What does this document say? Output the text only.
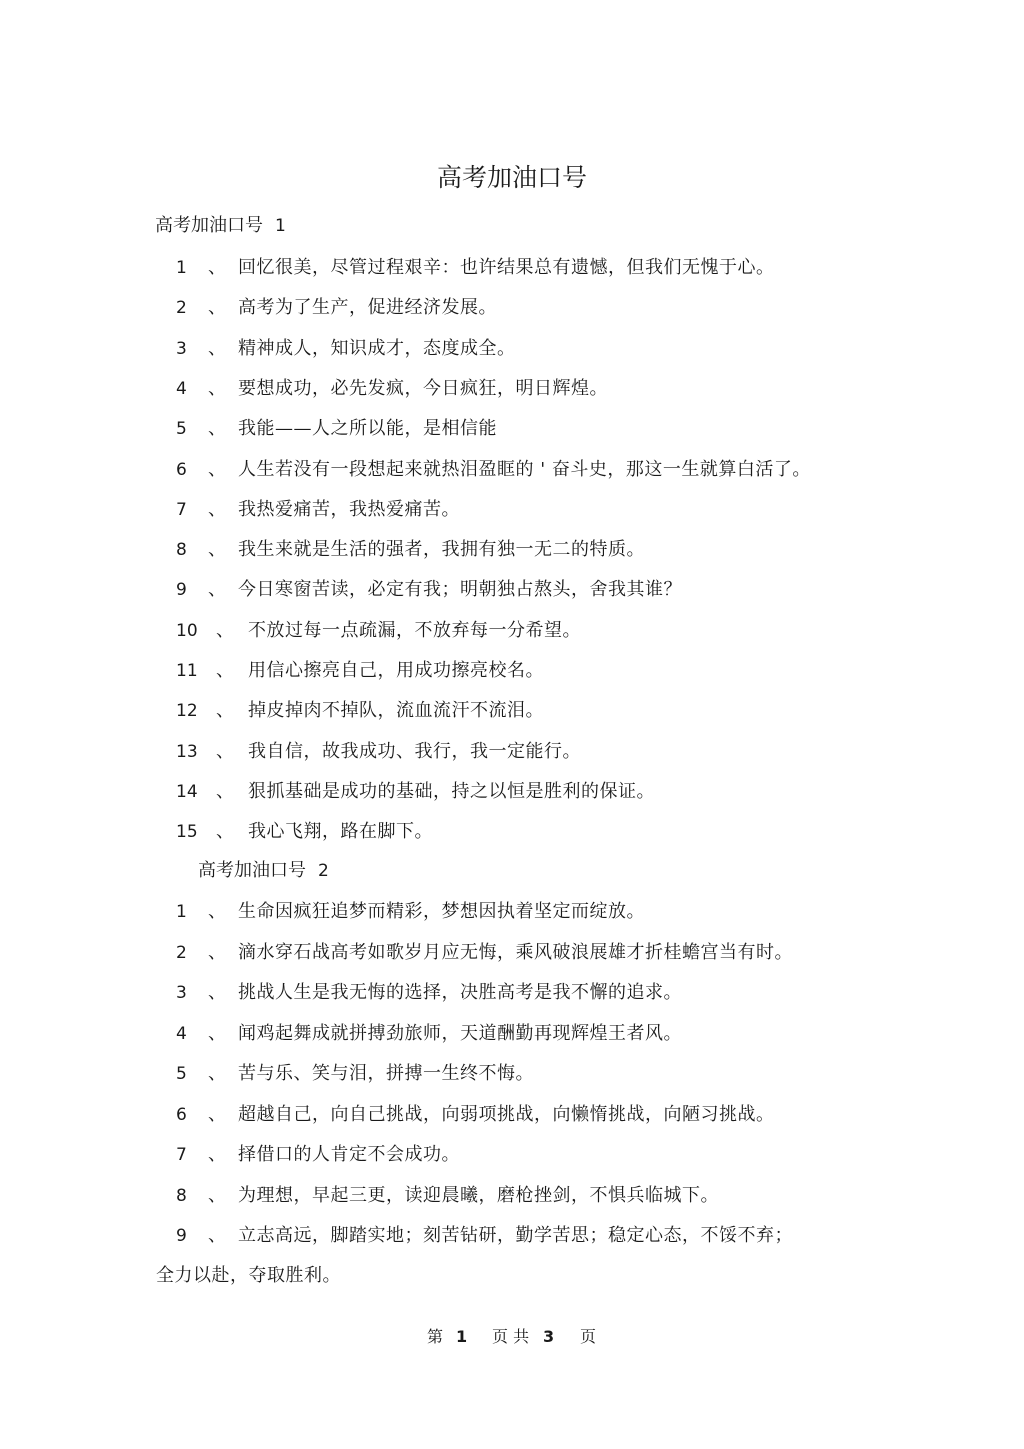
高考加油口号
高考加油口号 1
1	、 回忆很美，尽管过程艰辛：也许结果总有遗憾，但我们无愧于心。
2	、 高考为了生产，促进经济发展。
3	、 精神成人，知识成才，态度成全。
4	、 要想成功，必先发疯，今日疯狂，明日辉煌。
5	、 我能——人之所以能，是相信能
6	、 人生若没有一段想起来就热泪盈眶的 ' 奋斗史，那这一生就算白活了。
7	、 我热爱痛苦，我热爱痛苦。
8	、 我生来就是生活的强者，我拥有独一无二的特质。
9	、 今日寒窗苦读，必定有我；明朝独占熬头，舍我其谁？
10	、 不放过每一点疏漏，不放弃每一分希望。
11	、 用信心擦亮自己，用成功擦亮校名。
12	、 掉皮掉肉不掉队，流血流汗不流泪。
13	、 我自信，故我成功、我行，我一定能行。
14	、 狠抓基础是成功的基础，持之以恒是胜利的保证。
15	、 我心飞翔，路在脚下。
高考加油口号 2
1	、 生命因疯狂追梦而精彩，梦想因执着坚定而绽放。
2	、 滴水穿石战高考如歌岁月应无悔，乘风破浪展雄才折桂蟾宫当有时。
3	、 挑战人生是我无悔的选择，决胜高考是我不懈的追求。
4	、 闻鸡起舞成就拼搏劲旅师，天道酬勤再现辉煌王者风。
5	、 苦与乐、笑与泪，拼搏一生终不悔。
6	、 超越自己，向自己挑战，向弱项挑战，向懒惰挑战，向陋习挑战。
7	、 择借口的人肯定不会成功。
8	、 为理想，早起三更，读迎晨曦，磨枪挫剑，不惧兵临城下。
9	、 立志高远，脚踏实地；刻苦钻研，勤学苦思；稳定心态，不馁不弃；
全力以赴，夺取胜利。
第 1 页 共 3 页
